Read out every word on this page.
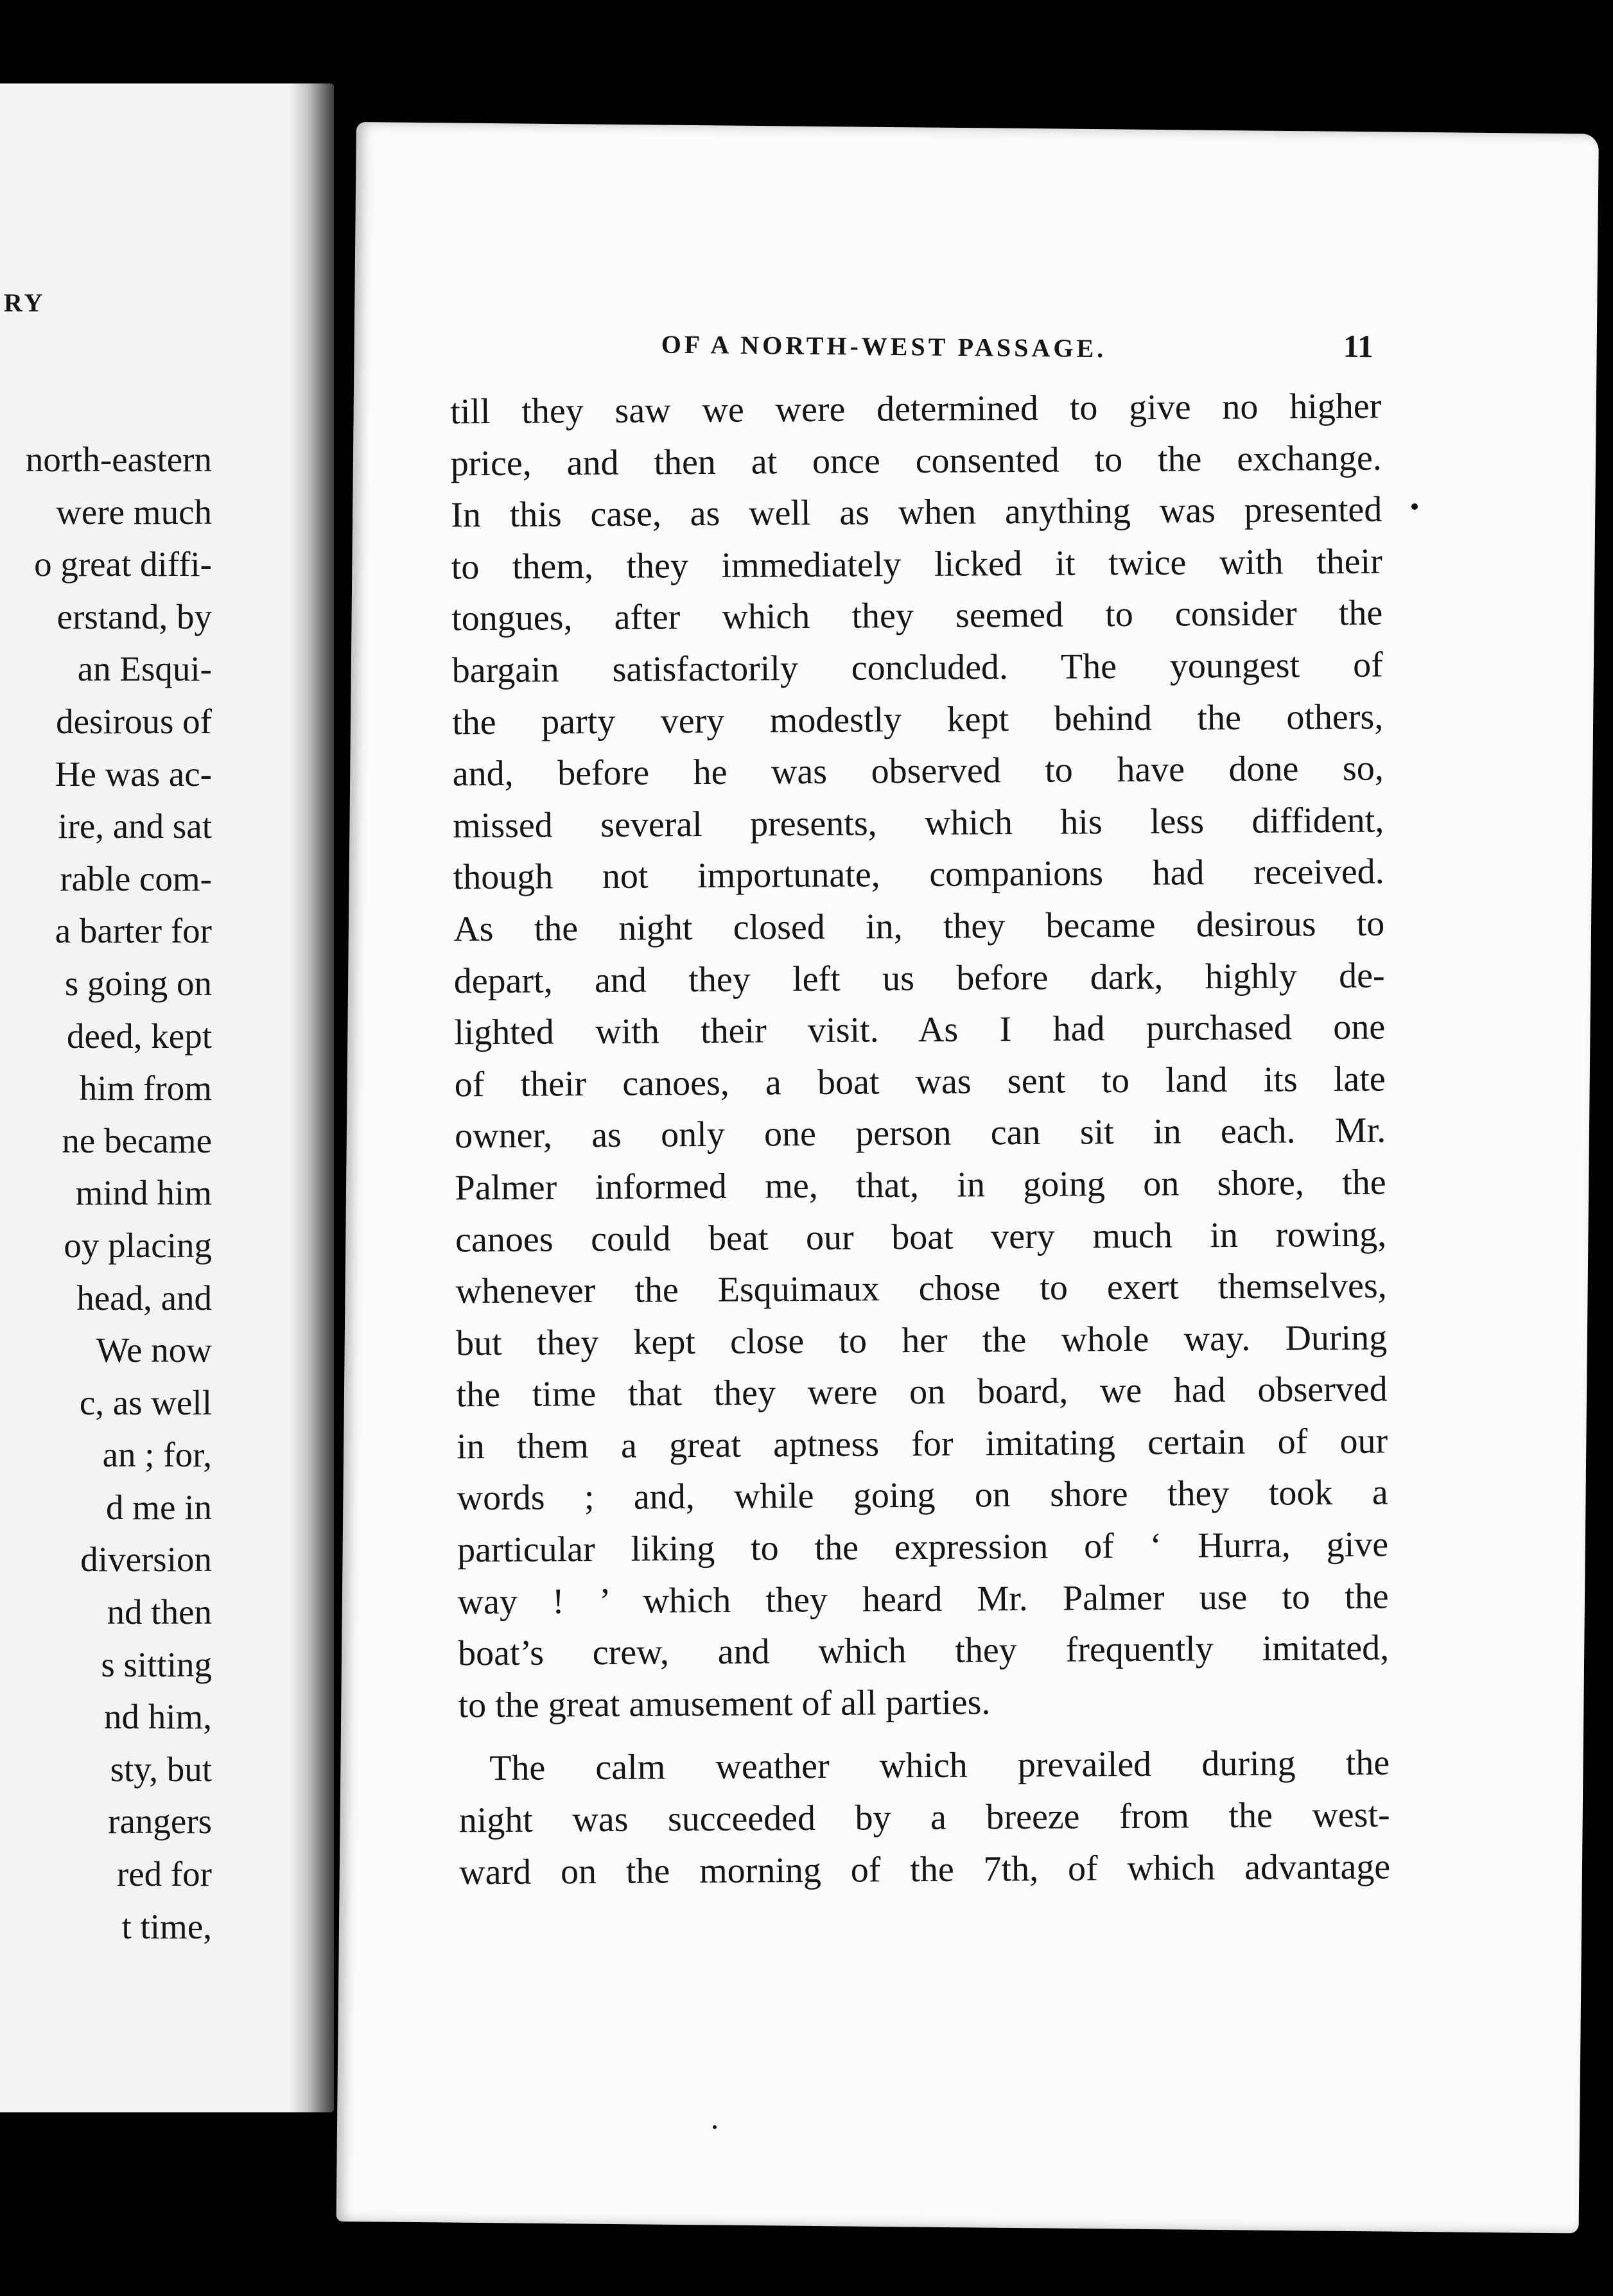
RY
north-eastern
were much
o great diffi-
erstand, by
an Esqui-
desirous of
He was ac-
ire, and sat
rable com-
a barter for
s going on
deed, kept
him from
ne became
mind him
oy placing
head, and
We now
c, as well
an ; for,
d me in
diversion
nd then
s sitting
nd him,
sty, but
rangers
red for
t time,
OF A NORTH-WEST PASSAGE.	11
till they saw we were determined to give no higher
price, and then at once consented to the exchange.
In this case, as well as when anything was presented
to them, they immediately licked it twice with their
tongues, after which they seemed to consider the
bargain satisfactorily concluded. The youngest of
the party very modestly kept behind the others,
and, before he was observed to have done so,
missed several presents, which his less diffident,
though not importunate, companions had received.
As the night closed in, they became desirous to
depart, and they left us before dark, highly de-
lighted with their visit. As I had purchased one
of their canoes, a boat was sent to land its late
owner, as only one person can sit in each. Mr.
Palmer informed me, that, in going on shore, the
canoes could beat our boat very much in rowing,
whenever the Esquimaux chose to exert themselves,
but they kept close to her the whole way. During
the time that they were on board, we had observed
in them a great aptness for imitating certain of our
words ; and, while going on shore they took a
particular liking to the expression of ‘ Hurra, give
way ! ’ which they heard Mr. Palmer use to the
boat’s crew, and which they frequently imitated,
to the great amusement of all parties.
The calm weather which prevailed during the
night was succeeded by a breeze from the west-
ward on the morning of the 7th, of which advantage
